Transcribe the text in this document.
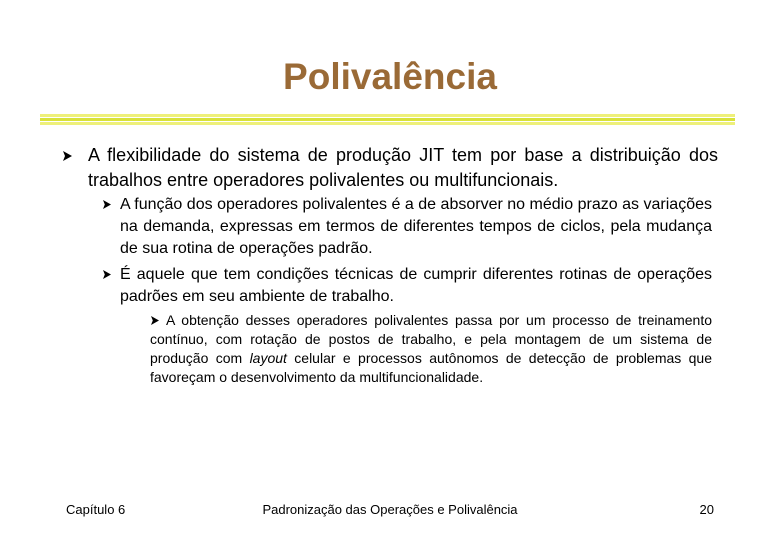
Polivalência
A flexibilidade do sistema de produção JIT tem por base a distribuição dos trabalhos entre operadores polivalentes ou multifuncionais.
A função dos operadores polivalentes é a de absorver no médio prazo as variações na demanda, expressas em termos de diferentes tempos de ciclos, pela mudança de sua rotina de operações padrão.
É aquele que tem condições técnicas de cumprir diferentes rotinas de operações padrões em seu ambiente de trabalho.
A obtenção desses operadores polivalentes passa por um processo de treinamento contínuo, com rotação de postos de trabalho, e pela montagem de um sistema de produção com layout celular e processos autônomos de detecção de problemas que favoreçam o desenvolvimento da multifuncionalidade.
Capítulo 6	Padronização das Operações e Polivalência	20
